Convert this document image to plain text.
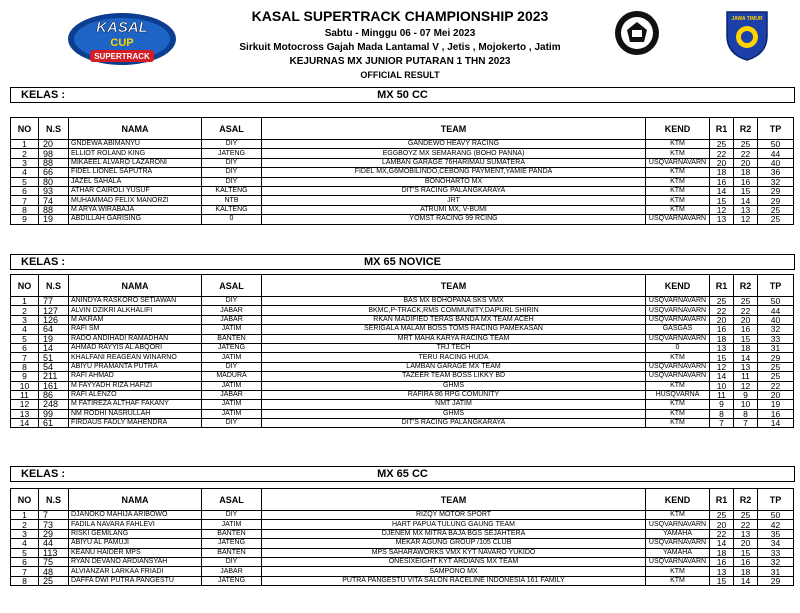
KASAL
CUP
SUPERTRACK
KASAL SUPERTRACK CHAMPIONSHIP 2023
Sabtu - Minggu 06 - 07 Mei 2023
Sirkuit Motocross Gajah Mada Lantamal V , Jetis , Mojokerto , Jatim
KEJURNAS MX JUNIOR PUTARAN 1 THN 2023
OFFICIAL RESULT
JAWA TIMUR
MX 50 CC
KELAS :
NO	N.S	NAMA	ASAL	TEAM	KEND	R1	R2	TP
1	20	GNDEWA ABIMANYU	DIY	GANDEWO HEAVY RACING	KTM	25	25	50
2	98	ELLIOT ROLAND KING	JATENG	EGGBOYZ MX SEMARANG (BOHO PANNA)	KTM	22	22	44
3	88	MIKAEEL ALVARO LAZARONI	DIY	LAMBAN GARAGE 76HARIMAU SUMATERA	USQVARNAVARN	20	20	40
4	66	FIDEL LIONEL SAPUTRA	DIY	FIDEL MX,G6MOBILINDO,CEBONG PAYMENT,YAMIE PANDA	KTM	18	18	36
5	80	JAZEL SAHALA	DIY	BONOHARTO MX	KTM	16	16	32
6	93	ATHAR CAIROLI YUSUF	KALTENG	DIT'S RACING PALANGKARAYA	KTM	14	15	29
7	74	MUHAMMAD FELIX MANORZI	NTB	JRT	KTM	15	14	29
8	88	M ARYA WIRABAJA	KALTENG	ATRUMI MX, V-BUMI	KTM	12	13	25
9	19	ABDILLAH GARISING	0	YOMST RACING 99 RCING	USQVARNAVARN	13	12	25
MX 65 NOVICE
KELAS :
NO	N.S	NAMA	ASAL	TEAM	KEND	R1	R2	TP
1	77	ANINDYA RASKORO SETIAWAN	DIY	BAS MX BOHOPANA SKS VMX	USQVARNAVARN	25	25	50
2	127	ALVIN DZIKRI ALKHALIFI	JABAR	BKMC,P-TRACK,RMS COMMUNITY,DAPURL SHIRIN	USQVARNAVARN	22	22	44
3	126	M AKRAM	JABAR	RKAN MADIFIED TERAS BANDA MX TEAM ACEH	USQVARNAVARN	20	20	40
4	64	RAFI SM	JATIM	SERIGALA MALAM BOSS TOMS RACING PAMEKASAN	GASGAS	16	16	32
5	19	RADO ANDIHADI RAMADHAN	BANTEN	MRT MAHA KARYA RACING TEAM	USQVARNAVARN	18	15	33
6	14	AHMAD RAYYIS AL ABQORI	JATENG	TRJ TECH	0	13	18	31
7	51	KHALFANI REAGEAN WINARNO	JATIM	TERU RACING HUDA	KTM	15	14	29
8	54	ABIYU PRAMANTA PUTRA	DIY	LAMBAN GARAGE MX TEAM	USQVARNAVARN	12	13	25
9	211	RAFI AHMAD	MADURA	TAZEER TEAM BOSS LIKKY BD	USQVARNAVARN	14	11	25
10	161	M FAYYADH RIZA HAFIZI	JATIM	GHMS	KTM	10	12	22
11	86	RAFI ALENZO	JABAR	RAFIRA 86 RPG COMUNITY	HUSQVARNA	11	9	20
12	248	M FATIREZA ALTHAF FAKANY	JATIM	NMT JATIM	KTM	9	10	19
13	99	NM RODHI NASRULLAH	JATIM	GHMS	KTM	8	8	16
14	61	FIRDAUS FADLY MAHENDRA	DIY	DIT'S RACING PALANGKARAYA	KTM	7	7	14
MX 65 CC
KELAS :
NO	N.S	NAMA	ASAL	TEAM	KEND	R1	R2	TP
1	7	DJANOKO MAHIJA ARIBOWO	DIY	RIZQY MOTOR SPORT	KTM	25	25	50
2	73	FADILA NAVARA FAHLEVI	JATIM	HART PAPUA TULUNG GAUNG TEAM	USQVARNAVARN	20	22	42
3	29	RISKI GEMILANG	BANTEN	DJENEM MX MITRA BAJA BGS SEJAHTERA	YAMAHA	22	13	35
4	44	ABIYU AL PAMUJI	JATENG	MEKAR AGUNG GROUP /105 CLUB	USQVARNAVARN	14	20	34
5	113	KEANU HAIDER MPS	BANTEN	MPS SAHARAWORKS VMX KYT NAVARO YUKIDO	YAMAHA	18	15	33
6	75	RYAN DEVANO ARDIANSYAH	DIY	ONESIXEIGHT KYT ARDIANS MX TEAM	USQVARNAVARN	16	16	32
7	48	ALVIANZAR LARKAA FRIADI	JABAR	SAMPONO MX	KTM	13	18	31
8	25	DAFFA DWI PUTRA PANGESTU	JATENG	PUTRA PANGESTU VITA SALON RACELINE INDONESIA 161 FAMILY	KTM	15	14	29
